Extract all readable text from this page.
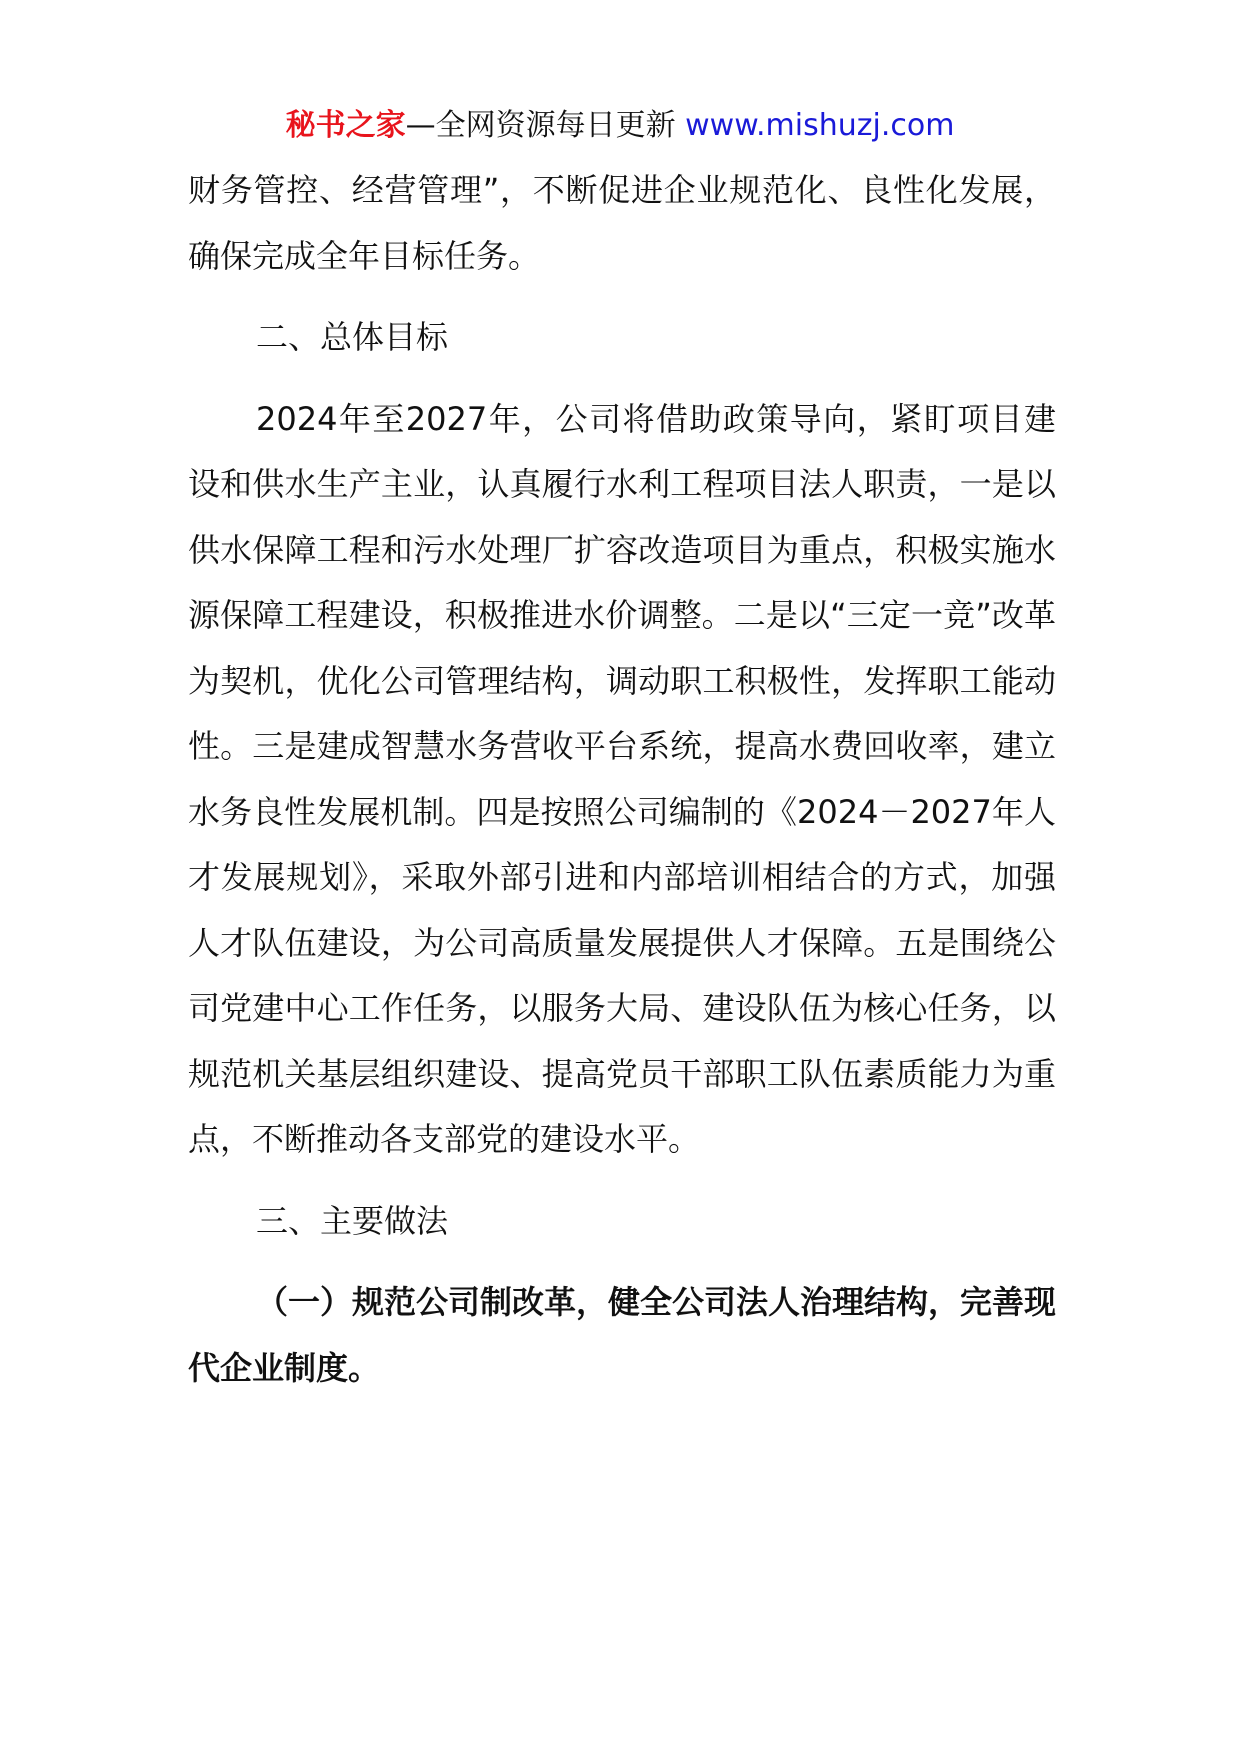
秘书之家—全网资源每日更新 www.mishuzj.com

财务管控、经营管理”，不断促进企业规范化、良性化发展，确保完成全年目标任务。

二、总体目标

2024年至2027年，公司将借助政策导向，紧盯项目建设和供水生产主业，认真履行水利工程项目法人职责，一是以供水保障工程和污水处理厂扩容改造项目为重点，积极实施水源保障工程建设，积极推进水价调整。二是以“三定一竞”改革为契机，优化公司管理结构，调动职工积极性，发挥职工能动性。三是建成智慧水务营收平台系统，提高水费回收率，建立水务良性发展机制。四是按照公司编制的《2024－2027年人才发展规划》，采取外部引进和内部培训相结合的方式，加强人才队伍建设，为公司高质量发展提供人才保障。五是围绕公司党建中心工作任务，以服务大局、建设队伍为核心任务，以规范机关基层组织建设、提高党员干部职工队伍素质能力为重点，不断推动各支部党的建设水平。

三、主要做法

（一）规范公司制改革，健全公司法人治理结构，完善现代企业制度。
